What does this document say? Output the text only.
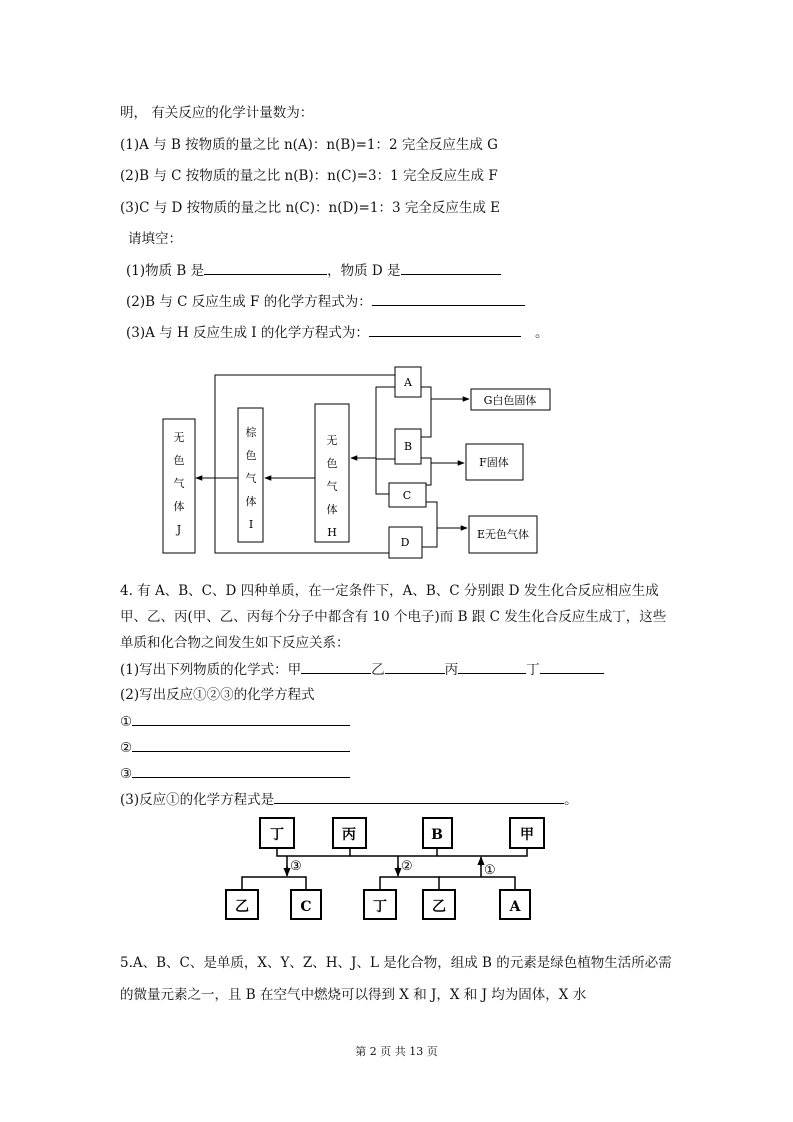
明， 有关反应的化学计量数为：
(1)A 与 B 按物质的量之比 n(A)：n(B)=1：2 完全反应生成 G
(2)B 与 C 按物质的量之比 n(B)：n(C)=3：1 完全反应生成 F
(3)C 与 D 按物质的量之比 n(C)：n(D)=1：3 完全反应生成 E
请填空：
(1)物质 B 是	，物质 D 是
(2)B 与 C 反应生成 F 的化学方程式为：
(3)A 与 H 反应生成 I 的化学方程式为：	。
无
色
气
体
J
棕
色
气
体
I
无
色
气
体
H
A
B
C
D
G白色固体
F固体
E无色气体
4. 有 A、B、C、D 四种单质，在一定条件下，A、B、C 分别跟 D 发生化合反应相应生成
甲、乙、丙(甲、乙、丙每个分子中都含有 10 个电子)而 B 跟 C 发生化合反应生成丁，这些
单质和化合物之间发生如下反应关系：
(1)写出下列物质的化学式：甲	乙	丙	丁
(2)写出反应①②③的化学方程式
①
②
③
(3)反应①的化学方程式是	。
丁	丙	B	甲
乙	C	丁	乙	A
③	②	①
5.A、B、C、是单质，X、Y、Z、H、J、L 是化合物，组成 B 的元素是绿色植物生活所必需
的微量元素之一，且 B 在空气中燃烧可以得到 X 和 J，X 和 J 均为固体，X 水
第 2 页 共 13 页
